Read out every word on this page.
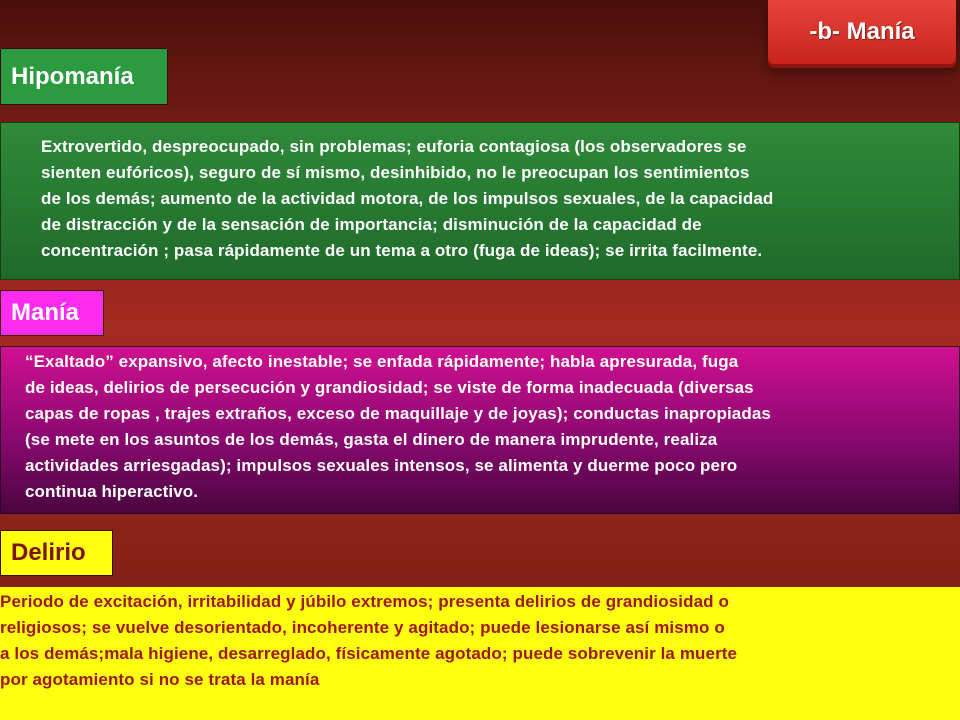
-b- Manía
Hipomanía
Extrovertido, despreocupado, sin problemas; euforia contagiosa (los observadores se
sienten eufóricos), seguro de sí mismo, desinhibido, no le preocupan los sentimientos
de los demás; aumento de la actividad motora, de los impulsos sexuales, de la capacidad
de distracción y de la sensación de importancia; disminución de la capacidad de
concentración ; pasa rápidamente de un tema a otro (fuga de ideas); se irrita facilmente.
Manía
“Exaltado” expansivo, afecto inestable; se enfada rápidamente; habla apresurada, fuga
de ideas, delirios de persecución y grandiosidad; se viste de forma inadecuada (diversas
capas de ropas , trajes extraños, exceso de maquillaje y de joyas); conductas inapropiadas
(se mete en los asuntos de los demás, gasta el dinero de manera imprudente, realiza
actividades arriesgadas); impulsos sexuales intensos, se alimenta y duerme poco pero
continua hiperactivo.
Delirio
Periodo de excitación, irritabilidad y júbilo extremos; presenta delirios de grandiosidad o
religiosos; se vuelve desorientado, incoherente y agitado; puede lesionarse así mismo o
a los demás;mala higiene, desarreglado, físicamente agotado; puede sobrevenir la muerte
por agotamiento si no se trata la manía
